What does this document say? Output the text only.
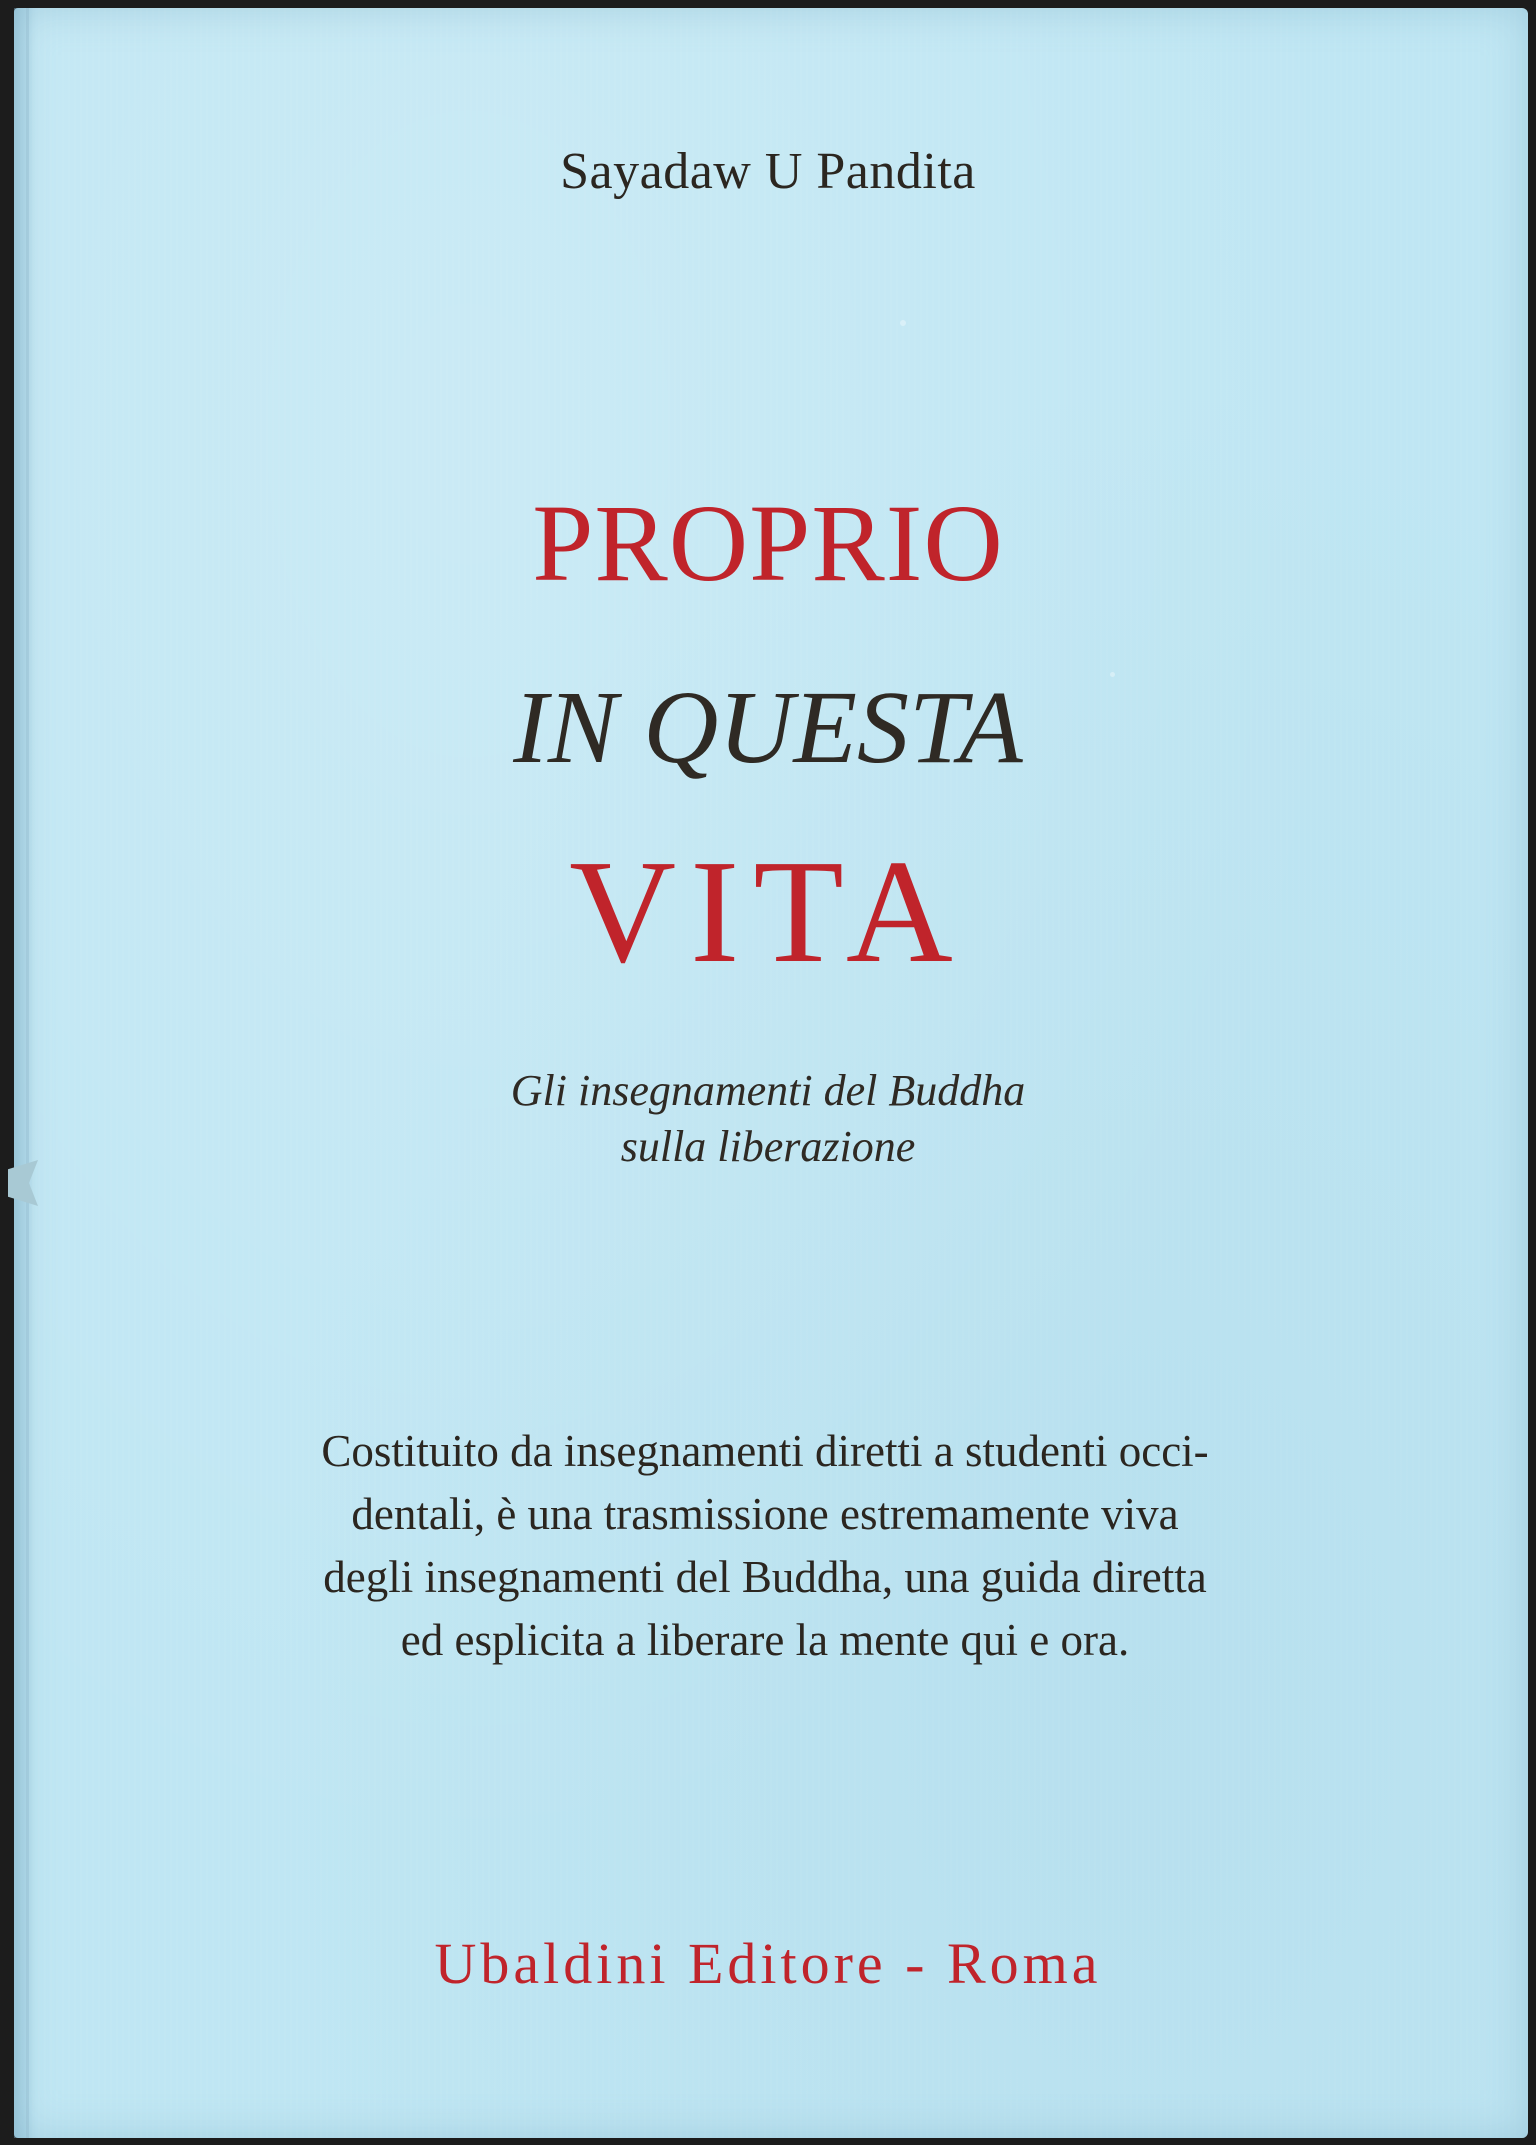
Sayadaw U Pandita
PROPRIO
IN QUESTA
VITA
Gli insegnamenti del Buddha
sulla liberazione
Costituito da insegnamenti diretti a studenti occi-
dentali, è una trasmissione estremamente viva
degli insegnamenti del Buddha, una guida diretta
ed esplicita a liberare la mente qui e ora.
Ubaldini Editore - Roma
